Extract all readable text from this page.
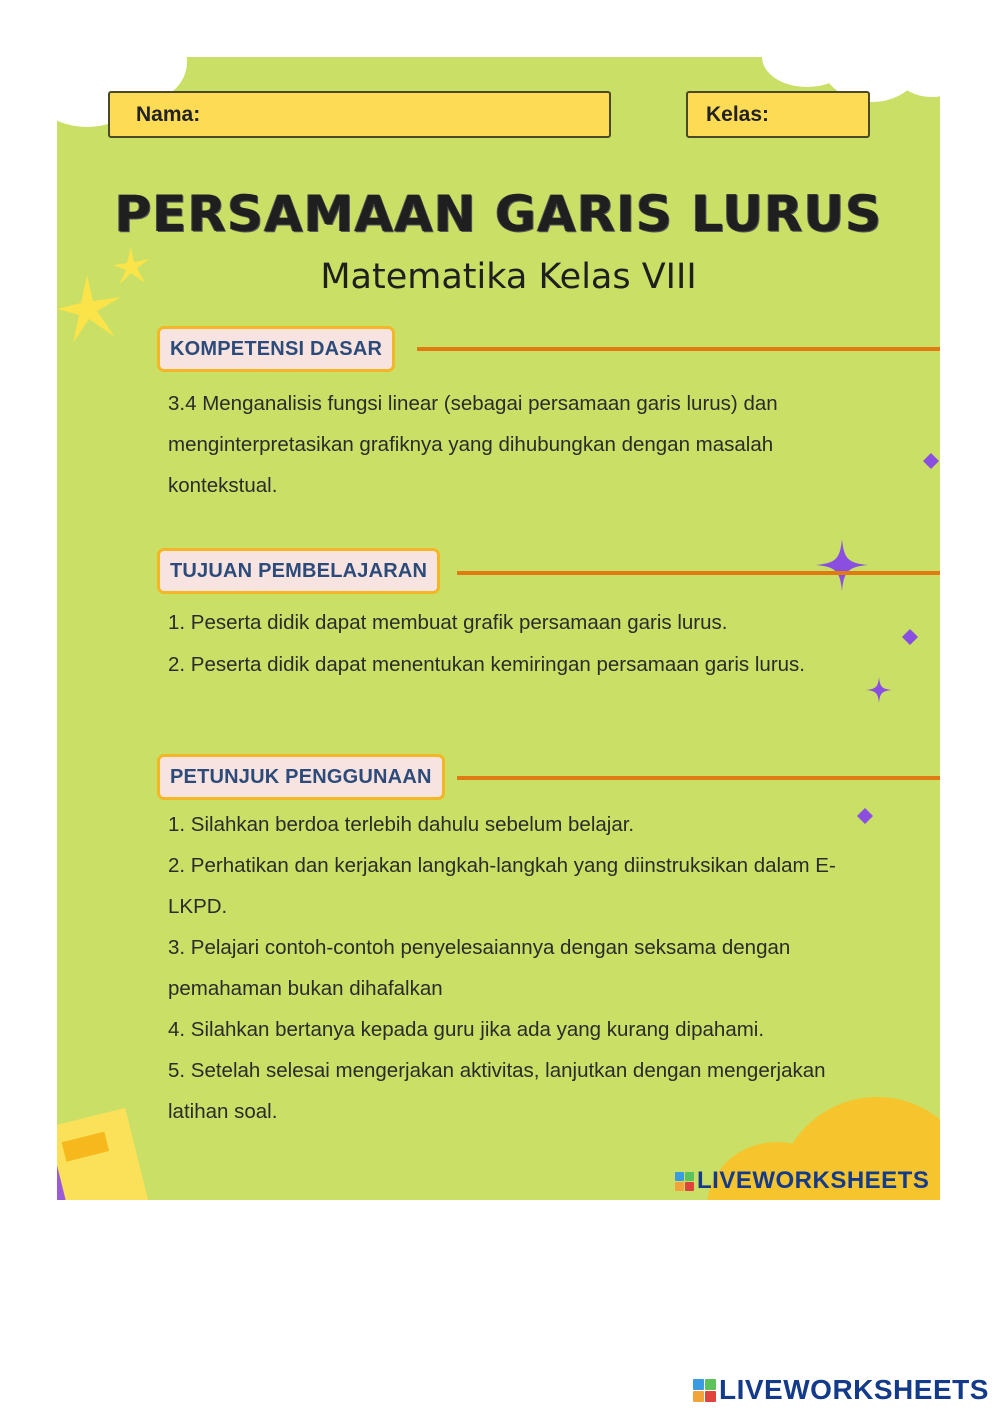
Nama:	Kelas:
PERSAMAAN GARIS LURUS
Matematika Kelas VIII
KOMPETENSI DASAR
3.4 Menganalisis fungsi linear (sebagai persamaan garis lurus) dan menginterpretasikan grafiknya yang dihubungkan dengan masalah kontekstual.
TUJUAN PEMBELAJARAN
1. Peserta didik dapat membuat grafik persamaan garis lurus.
2. Peserta didik dapat menentukan kemiringan persamaan garis lurus.
PETUNJUK PENGGUNAAN
1. Silahkan berdoa terlebih dahulu sebelum belajar.
2. Perhatikan dan kerjakan langkah-langkah yang diinstruksikan dalam E-LKPD.
3. Pelajari contoh-contoh penyelesaiannya dengan seksama dengan pemahaman bukan dihafalkan
4. Silahkan bertanya kepada guru jika ada yang kurang dipahami.
5. Setelah selesai mengerjakan aktivitas, lanjutkan dengan mengerjakan latihan soal.
LIVEWORKSHEETS
LIVEWORKSHEETS
